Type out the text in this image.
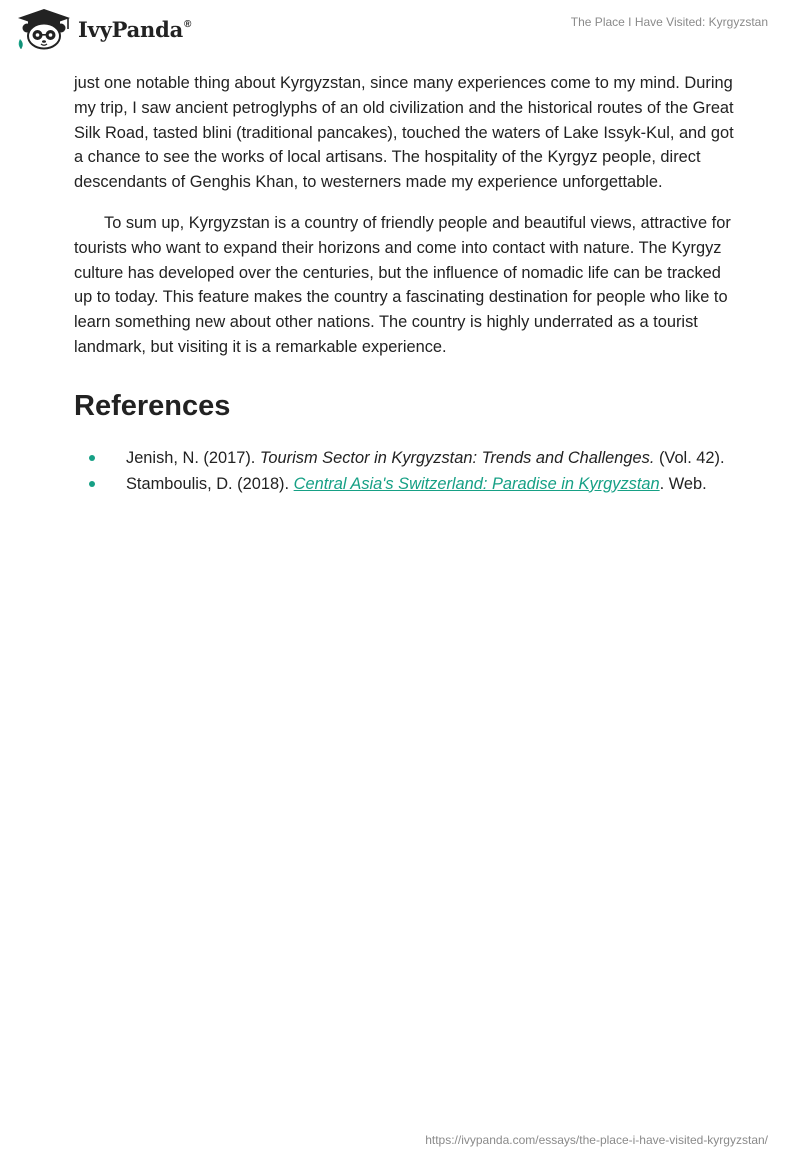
IvyPanda®	The Place I Have Visited: Kyrgyzstan

just one notable thing about Kyrgyzstan, since many experiences come to my mind. During my trip, I saw ancient petroglyphs of an old civilization and the historical routes of the Great Silk Road, tasted blini (traditional pancakes), touched the waters of Lake Issyk-Kul, and got a chance to see the works of local artisans. The hospitality of the Kyrgyz people, direct descendants of Genghis Khan, to westerners made my experience unforgettable.

To sum up, Kyrgyzstan is a country of friendly people and beautiful views, attractive for tourists who want to expand their horizons and come into contact with nature. The Kyrgyz culture has developed over the centuries, but the influence of nomadic life can be tracked up to today. This feature makes the country a fascinating destination for people who like to learn something new about other nations. The country is highly underrated as a tourist landmark, but visiting it is a remarkable experience.

References
Jenish, N. (2017). Tourism Sector in Kyrgyzstan: Trends and Challenges. (Vol. 42).
Stamboulis, D. (2018). Central Asia's Switzerland: Paradise in Kyrgyzstan. Web.
https://ivypanda.com/essays/the-place-i-have-visited-kyrgyzstan/
